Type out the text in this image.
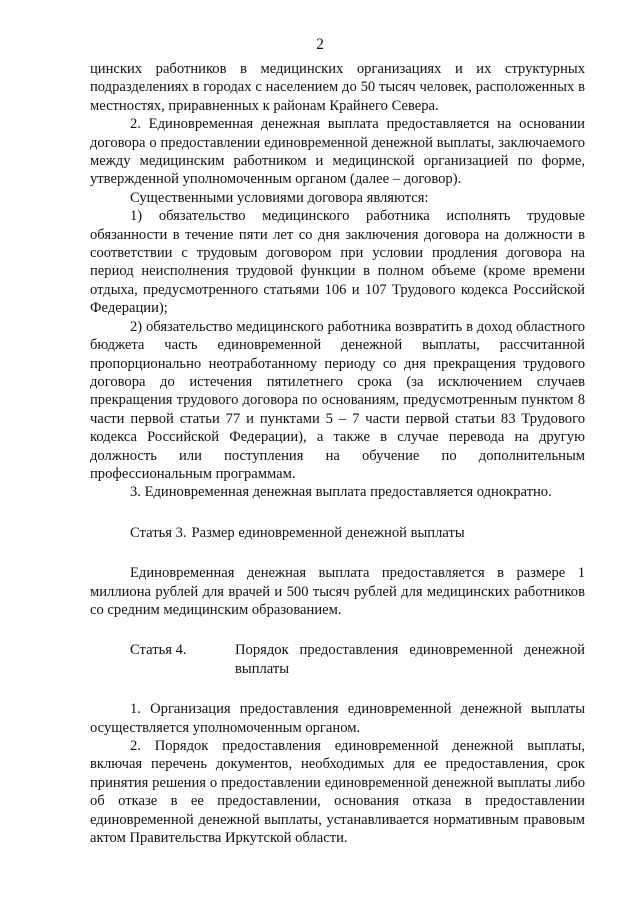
2

цинских работников в медицинских организациях и их структурных подразделениях в городах с населением до 50 тысяч человек, расположенных в местностях, приравненных к районам Крайнего Севера.

2. Единовременная денежная выплата предоставляется на основании договора о предоставлении единовременной денежной выплаты, заключаемого между медицинским работником и медицинской организацией по форме, утвержденной уполномоченным органом (далее – договор).

Существенными условиями договора являются:

1) обязательство медицинского работника исполнять трудовые обязанности в течение пяти лет со дня заключения договора на должности в соответствии с трудовым договором при условии продления договора на период неисполнения трудовой функции в полном объеме (кроме времени отдыха, предусмотренного статьями 106 и 107 Трудового кодекса Российской Федерации);

2) обязательство медицинского работника возвратить в доход областного бюджета часть единовременной денежной выплаты, рассчитанной пропорционально неотработанному периоду со дня прекращения трудового договора до истечения пятилетнего срока (за исключением случаев прекращения трудового договора по основаниям, предусмотренным пунктом 8 части первой статьи 77 и пунктами 5 – 7 части первой статьи 83 Трудового кодекса Российской Федерации), а также в случае перевода на другую должность или поступления на обучение по дополнительным профессиональным программам.

3. Единовременная денежная выплата предоставляется однократно.

Статья 3. Размер единовременной денежной выплаты

Единовременная денежная выплата предоставляется в размере 1 миллиона рублей для врачей и 500 тысяч рублей для медицинских работников со средним медицинским образованием.

Статья 4.	Порядок предоставления единовременной денежной выплаты

1. Организация предоставления единовременной денежной выплаты осуществляется уполномоченным органом.

2. Порядок предоставления единовременной денежной выплаты, включая перечень документов, необходимых для ее предоставления, срок принятия решения о предоставлении единовременной денежной выплаты либо об отказе в ее предоставлении, основания отказа в предоставлении единовременной денежной выплаты, устанавливается нормативным правовым актом Правительства Иркутской области.
